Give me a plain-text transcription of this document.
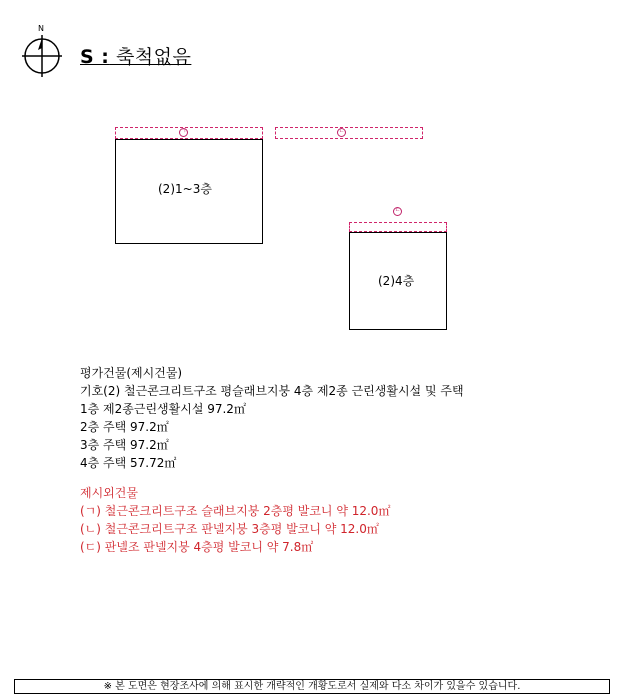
N
S : 축척없음
ㄱ	ㄴ
ㄷ
(2)1~3층
(2)4층
평가건물(제시건물)
기호(2) 철근콘크리트구조 평슬래브지붕 4층 제2종 근린생활시설 및 주택
1층 제2종근린생활시설 97.2㎡
2층 주택 97.2㎡
3층 주택 97.2㎡
4층 주택 57.72㎡
제시외건물
(ㄱ) 철근콘크리트구조 슬래브지붕 2층평 발코니 약 12.0㎡
(ㄴ) 철근콘크리트구조 판넬지붕 3층평 발코니 약 12.0㎡
(ㄷ) 판넬조 판넬지붕 4층평 발코니 약 7.8㎡
※ 본 도면은 현장조사에 의해 표시한 개략적인 개황도로서 실제와 다소 차이가 있을수 있습니다.
